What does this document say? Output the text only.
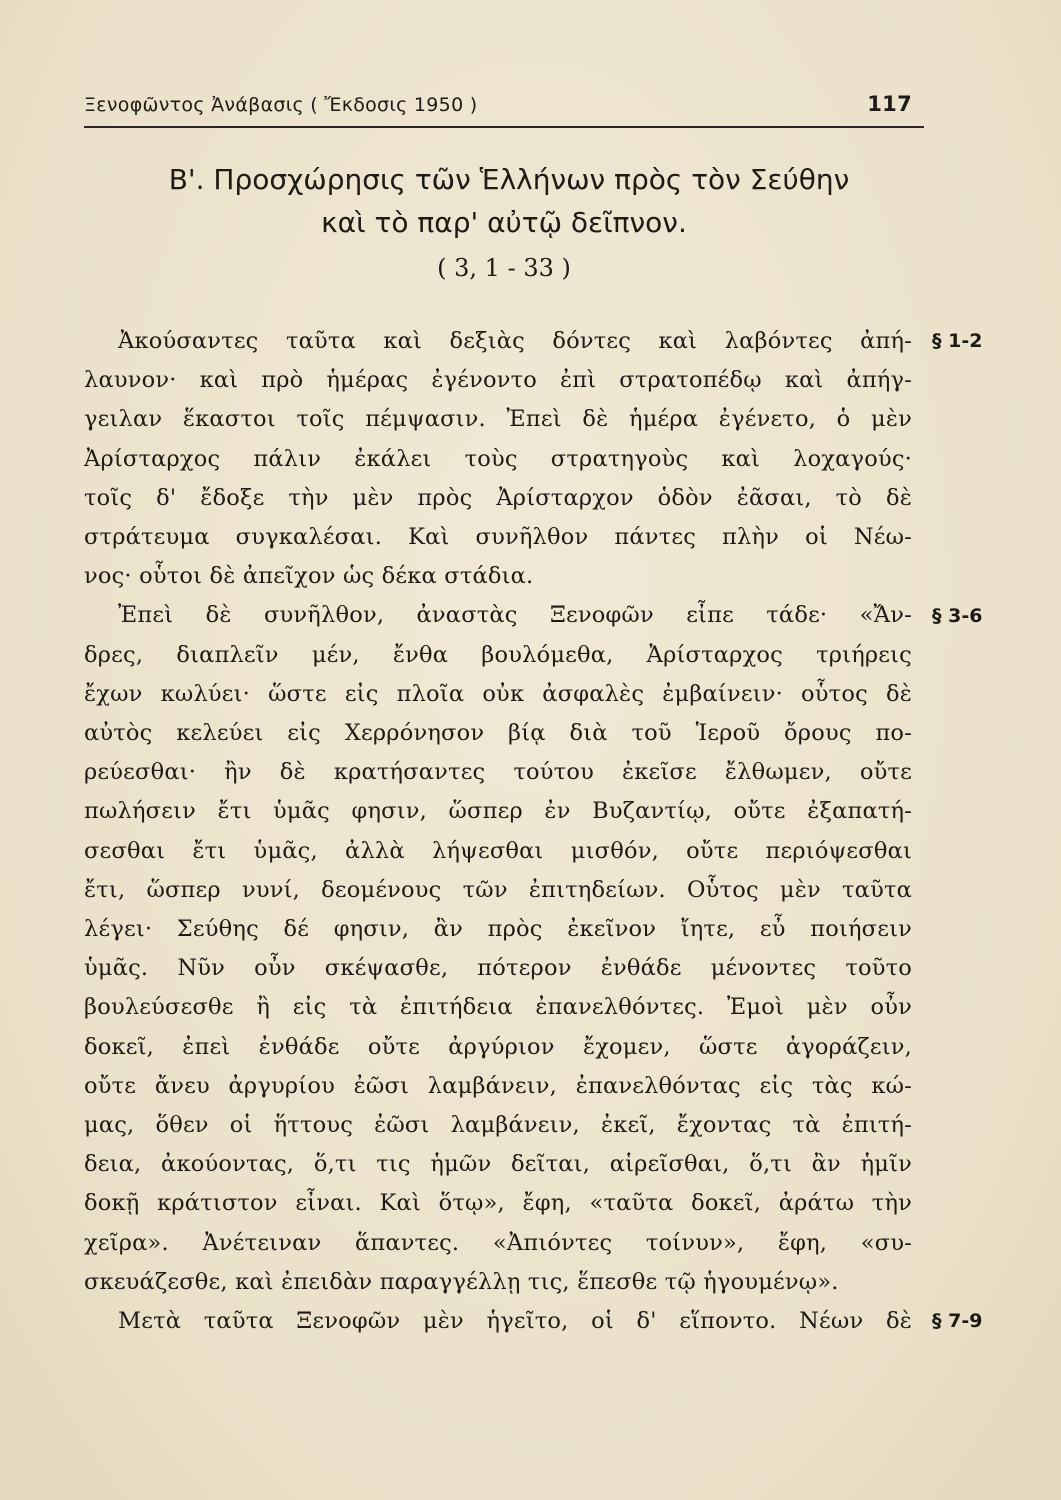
Ξενοφῶντος Ἀνάβασις ( Ἔκδοσις 1950 )	117
Β'. Προσχώρησις τῶν Ἑλλήνων πρὸς τὸν Σεύθην
καὶ τὸ παρ' αὐτῷ δεῖπνον.
( 3, 1 - 33 )
Ἀκούσαντες ταῦτα καὶ δεξιὰς δόντες καὶ λαβόντες ἀπή-
λαυνον· καὶ πρὸ ἡμέρας ἐγένοντο ἐπὶ στρατοπέδῳ καὶ ἀπήγ-
γειλαν ἕκαστοι τοῖς πέμψασιν. Ἐπεὶ δὲ ἡμέρα ἐγένετο, ὁ μὲν
Ἀρίσταρχος πάλιν ἐκάλει τοὺς στρατηγοὺς καὶ λοχαγούς·
τοῖς δ' ἔδοξε τὴν μὲν πρὸς Ἀρίσταρχον ὁδὸν ἐᾶσαι, τὸ δὲ
στράτευμα συγκαλέσαι. Καὶ συνῆλθον πάντες πλὴν οἱ Νέω-
νος· οὗτοι δὲ ἀπεῖχον ὡς δέκα στάδια.
Ἐπεὶ δὲ συνῆλθον, ἀναστὰς Ξενοφῶν εἶπε τάδε· «Ἄν-
δρες, διαπλεῖν μέν, ἔνθα βουλόμεθα, Ἀρίσταρχος τριήρεις
ἔχων κωλύει· ὥστε εἰς πλοῖα οὐκ ἀσφαλὲς ἐμβαίνειν· οὗτος δὲ
αὐτὸς κελεύει εἰς Χερρόνησον βίᾳ διὰ τοῦ Ἱεροῦ ὄρους πο-
ρεύεσθαι· ἢν δὲ κρατήσαντες τούτου ἐκεῖσε ἔλθωμεν, οὔτε
πωλήσειν ἔτι ὑμᾶς φησιν, ὥσπερ ἐν Βυζαντίῳ, οὔτε ἐξαπατή-
σεσθαι ἔτι ὑμᾶς, ἀλλὰ λήψεσθαι μισθόν, οὔτε περιόψεσθαι
ἔτι, ὥσπερ νυνί, δεομένους τῶν ἐπιτηδείων. Οὗτος μὲν ταῦτα
λέγει· Σεύθης δέ φησιν, ἂν πρὸς ἐκεῖνον ἴητε, εὖ ποιήσειν
ὑμᾶς. Νῦν οὖν σκέψασθε, πότερον ἐνθάδε μένοντες τοῦτο
βουλεύσεσθε ἢ εἰς τὰ ἐπιτήδεια ἐπανελθόντες. Ἐμοὶ μὲν οὖν
δοκεῖ, ἐπεὶ ἐνθάδε οὔτε ἀργύριον ἔχομεν, ὥστε ἀγοράζειν,
οὔτε ἄνευ ἀργυρίου ἐῶσι λαμβάνειν, ἐπανελθόντας εἰς τὰς κώ-
μας, ὅθεν οἱ ἥττους ἐῶσι λαμβάνειν, ἐκεῖ, ἔχοντας τὰ ἐπιτή-
δεια, ἀκούοντας, ὅ,τι τις ἡμῶν δεῖται, αἱρεῖσθαι, ὅ,τι ἂν ἡμῖν
δοκῇ κράτιστον εἶναι. Καὶ ὅτῳ», ἔφη, «ταῦτα δοκεῖ, ἀράτω τὴν
χεῖρα». Ἀνέτειναν ἅπαντες. «Ἀπιόντες τοίνυν», ἔφη, «συ-
σκευάζεσθε, καὶ ἐπειδὰν παραγγέλλῃ τις, ἕπεσθε τῷ ἡγουμένῳ».
Μετὰ ταῦτα Ξενοφῶν μὲν ἡγεῖτο, οἱ δ' εἵποντο. Νέων δὲ
§ 1-2
§ 3-6
§ 7-9
